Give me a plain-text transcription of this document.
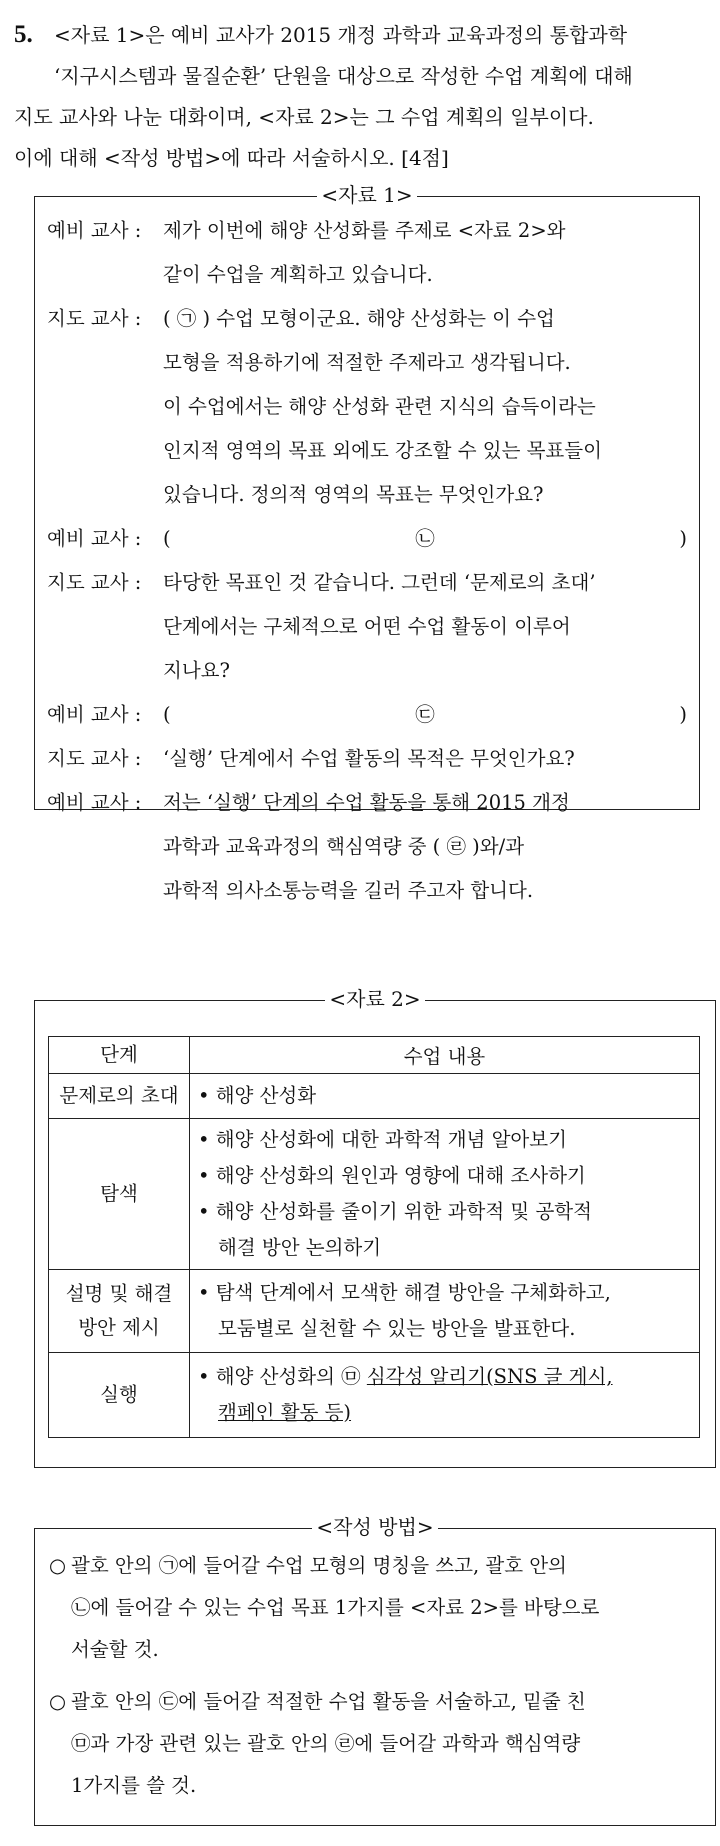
5. <자료 1>은 예비 교사가 2015 개정 과학과 교육과정의 통합과학
‘지구시스템과 물질순환’ 단원을 대상으로 작성한 수업 계획에 대해
지도 교사와 나눈 대화이며, <자료 2>는 그 수업 계획의 일부이다.
이에 대해 <작성 방법>에 따라 서술하시오. [4점]
<자료 1>
예비 교사 :	제가 이번에 해양 산성화를 주제로 <자료 2>와
같이 수업을 계획하고 있습니다.
지도 교사 :	( ㉠ ) 수업 모형이군요. 해양 산성화는 이 수업
모형을 적용하기에 적절한 주제라고 생각됩니다.
이 수업에서는 해양 산성화 관련 지식의 습득이라는
인지적 영역의 목표 외에도 강조할 수 있는 목표들이
있습니다. 정의적 영역의 목표는 무엇인가요?
예비 교사 :	(	㉡	)
지도 교사 :	타당한 목표인 것 같습니다. 그런데 ‘문제로의 초대’
단계에서는 구체적으로 어떤 수업 활동이 이루어
지나요?
예비 교사 :	(	㉢	)
지도 교사 :	‘실행’ 단계에서 수업 활동의 목적은 무엇인가요?
예비 교사 :	저는 ‘실행’ 단계의 수업 활동을 통해 2015 개정
과학과 교육과정의 핵심역량 중 ( ㉣ )와/과
과학적 의사소통능력을 길러 주고자 합니다.
<자료 2>
단계	수업 내용
문제로의 초대	• 해양 산성화

탐색	• 해양 산성화에 대한 과학적 개념 알아보기
• 해양 산성화의 원인과 영향에 대해 조사하기
• 해양 산성화를 줄이기 위한 과학적 및 공학적
해결 방안 논의하기

설명 및 해결
방안 제시	• 탐색 단계에서 모색한 해결 방안을 구체화하고,
모둠별로 실천할 수 있는 방안을 발표한다.

실행	• 해양 산성화의 ㉤ 심각성 알리기(SNS 글 게시,
캠페인 활동 등)
<작성 방법>
○ 괄호 안의 ㉠에 들어갈 수업 모형의 명칭을 쓰고, 괄호 안의
㉡에 들어갈 수 있는 수업 목표 1가지를 <자료 2>를 바탕으로
서술할 것.
○ 괄호 안의 ㉢에 들어갈 적절한 수업 활동을 서술하고, 밑줄 친
㉤과 가장 관련 있는 괄호 안의 ㉣에 들어갈 과학과 핵심역량
1가지를 쓸 것.
